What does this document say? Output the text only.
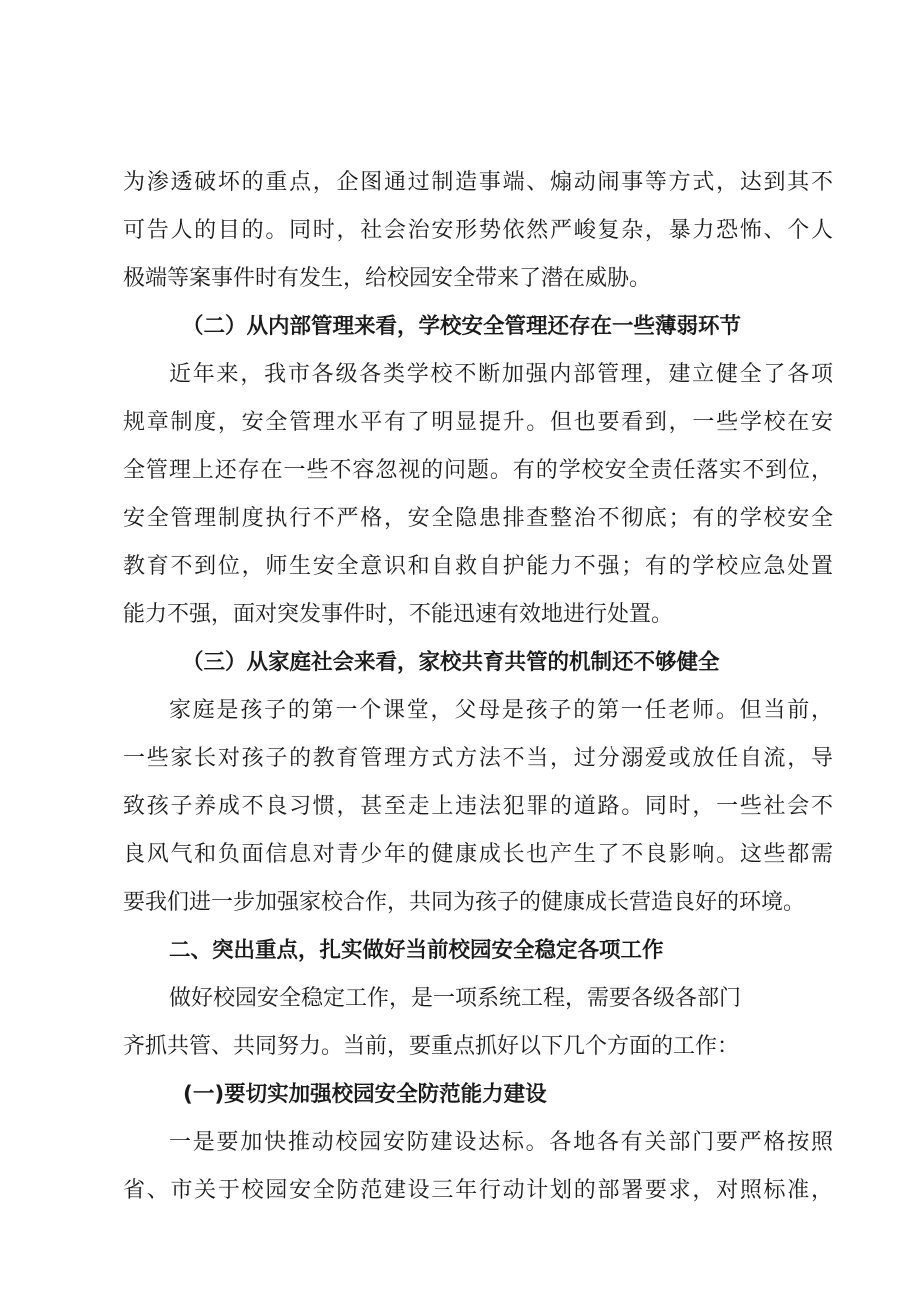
为渗透破坏的重点，企图通过制造事端、煽动闹事等方式，达到其不
可告人的目的。同时，社会治安形势依然严峻复杂，暴力恐怖、个人
极端等案事件时有发生，给校园安全带来了潜在威胁。
（二）从内部管理来看，学校安全管理还存在一些薄弱环节
近年来，我市各级各类学校不断加强内部管理，建立健全了各项
规章制度，安全管理水平有了明显提升。但也要看到，一些学校在安
全管理上还存在一些不容忽视的问题。有的学校安全责任落实不到位，
安全管理制度执行不严格，安全隐患排查整治不彻底；有的学校安全
教育不到位，师生安全意识和自救自护能力不强；有的学校应急处置
能力不强，面对突发事件时，不能迅速有效地进行处置。
（三）从家庭社会来看，家校共育共管的机制还不够健全
家庭是孩子的第一个课堂，父母是孩子的第一任老师。但当前，
一些家长对孩子的教育管理方式方法不当，过分溺爱或放任自流，导
致孩子养成不良习惯，甚至走上违法犯罪的道路。同时，一些社会不
良风气和负面信息对青少年的健康成长也产生了不良影响。这些都需
要我们进一步加强家校合作，共同为孩子的健康成长营造良好的环境。
二、突出重点，扎实做好当前校园安全稳定各项工作
做好校园安全稳定工作，是一项系统工程，需要各级各部门
齐抓共管、共同努力。当前，要重点抓好以下几个方面的工作：
(一)要切实加强校园安全防范能力建设
一是要加快推动校园安防建设达标。各地各有关部门要严格按照
省、市关于校园安全防范建设三年行动计划的部署要求，对照标准，
